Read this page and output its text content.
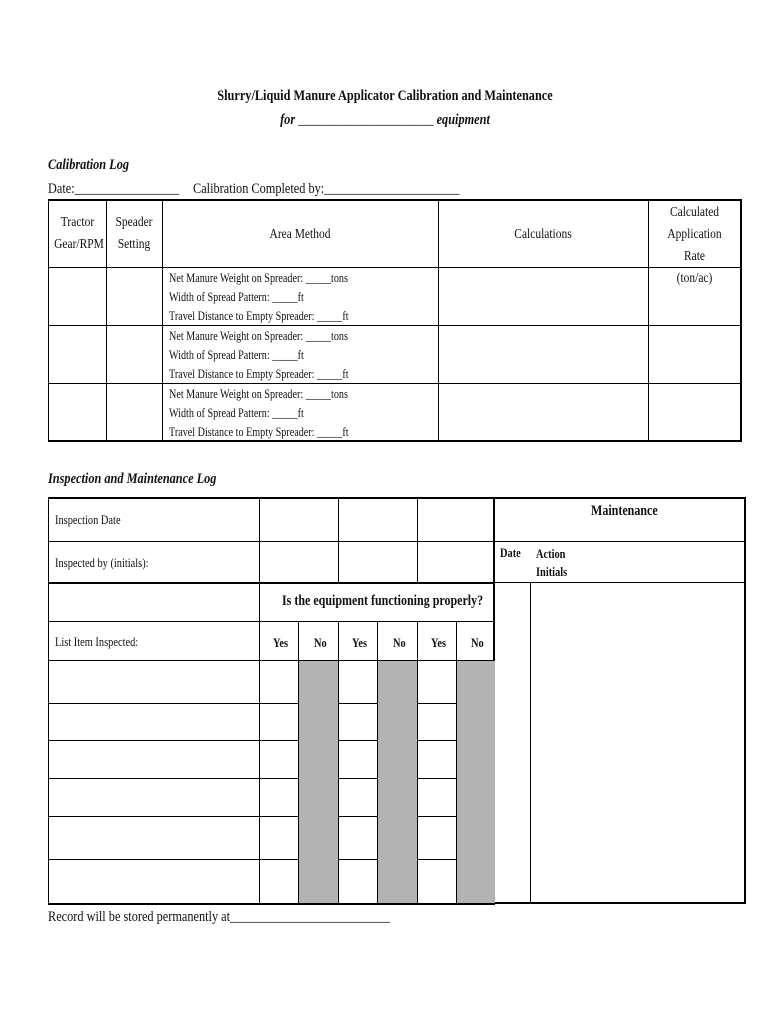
Slurry/Liquid Manure Applicator Calibration and Maintenance
for ______________________ equipment
Calibration Log
Date:_________________ Calibration Completed by:______________________
Tractor
Gear/RPM
Speader
Setting
Area Method	Calculations
Calculated
Application Rate
(ton/ac)
Net Manure Weight on Spreader: _____tons
Width of Spread Pattern: _____ft
Travel Distance to Empty Spreader: _____ft
Net Manure Weight on Spreader: _____tons
Width of Spread Pattern: _____ft
Travel Distance to Empty Spreader: _____ft
Net Manure Weight on Spreader: _____tons
Width of Spread Pattern: _____ft
Travel Distance to Empty Spreader: _____ft
Inspection and Maintenance Log
Inspection Date
Inspected by (initials):
Is the equipment functioning properly?
List Item Inspected:	Yes No Yes No Yes No
Maintenance
Date Action
Initials
Record will be stored permanently at__________________________
